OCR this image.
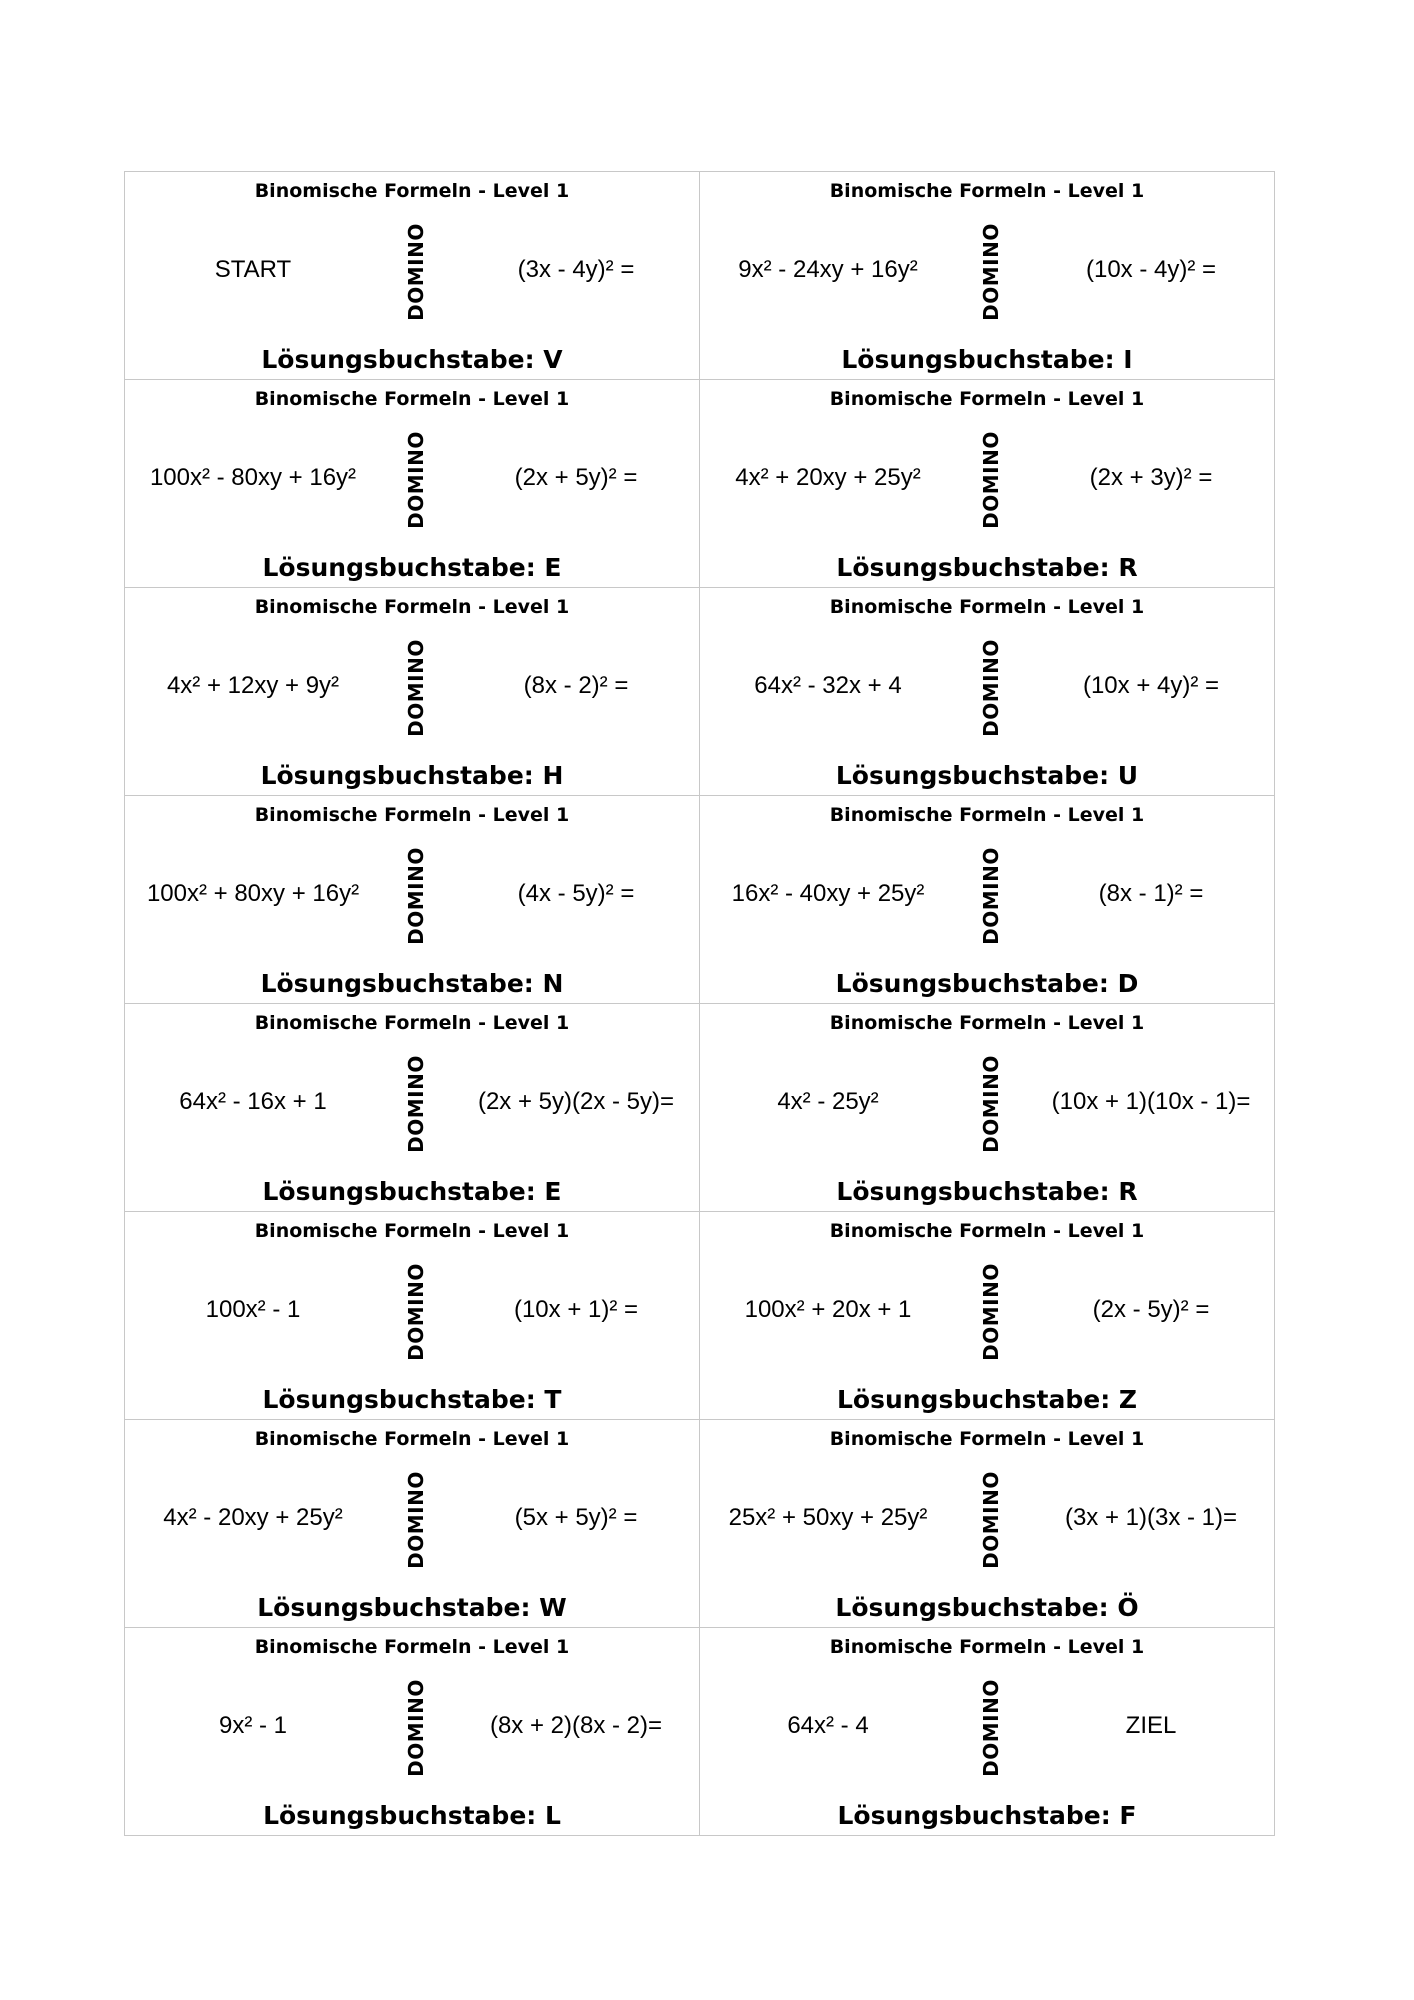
Binomische Formeln - Level 1
START	DOMINO	(3x - 4y)² =
Lösungsbuchstabe: V
Binomische Formeln - Level 1
9x² - 24xy + 16y²	DOMINO	(10x - 4y)² =
Lösungsbuchstabe: I
Binomische Formeln - Level 1
100x² - 80xy + 16y²	DOMINO	(2x + 5y)² =
Lösungsbuchstabe: E
Binomische Formeln - Level 1
4x² + 20xy + 25y²	DOMINO	(2x + 3y)² =
Lösungsbuchstabe: R
Binomische Formeln - Level 1
4x² + 12xy + 9y²	DOMINO	(8x - 2)² =
Lösungsbuchstabe: H
Binomische Formeln - Level 1
64x² - 32x + 4	DOMINO	(10x + 4y)² =
Lösungsbuchstabe: U
Binomische Formeln - Level 1
100x² + 80xy + 16y²	DOMINO	(4x - 5y)² =
Lösungsbuchstabe: N
Binomische Formeln - Level 1
16x² - 40xy + 25y²	DOMINO	(8x - 1)² =
Lösungsbuchstabe: D
Binomische Formeln - Level 1
64x² - 16x + 1	DOMINO	(2x + 5y)(2x - 5y)=
Lösungsbuchstabe: E
Binomische Formeln - Level 1
4x² - 25y²	DOMINO	(10x + 1)(10x - 1)=
Lösungsbuchstabe: R
Binomische Formeln - Level 1
100x² - 1	DOMINO	(10x + 1)² =
Lösungsbuchstabe: T
Binomische Formeln - Level 1
100x² + 20x + 1	DOMINO	(2x - 5y)² =
Lösungsbuchstabe: Z
Binomische Formeln - Level 1
4x² - 20xy + 25y²	DOMINO	(5x + 5y)² =
Lösungsbuchstabe: W
Binomische Formeln - Level 1
25x² + 50xy + 25y²	DOMINO	(3x + 1)(3x - 1)=
Lösungsbuchstabe: Ö
Binomische Formeln - Level 1
9x² - 1	DOMINO	(8x + 2)(8x - 2)=
Lösungsbuchstabe: L
Binomische Formeln - Level 1
64x² - 4	DOMINO	ZIEL
Lösungsbuchstabe: F
